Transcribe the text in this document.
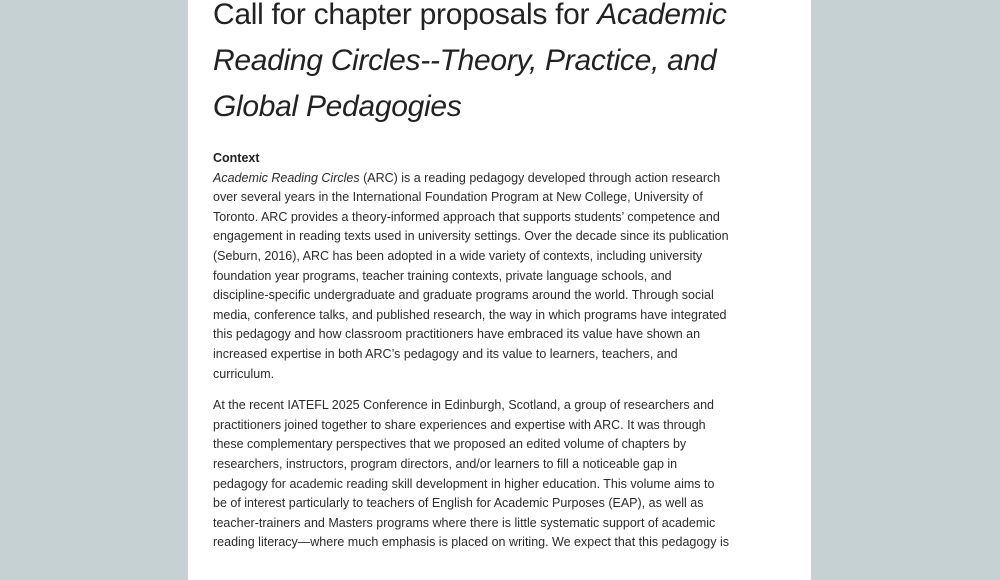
Call for chapter proposals for Academic
Reading Circles--Theory, Practice, and
Global Pedagogies
Context

Academic Reading Circles (ARC) is a reading pedagogy developed through action research
over several years in the International Foundation Program at New College, University of
Toronto. ARC provides a theory-informed approach that supports students’ competence and
engagement in reading texts used in university settings. Over the decade since its publication
(Seburn, 2016), ARC has been adopted in a wide variety of contexts, including university
foundation year programs, teacher training contexts, private language schools, and
discipline-specific undergraduate and graduate programs around the world. Through social
media, conference talks, and published research, the way in which programs have integrated
this pedagogy and how classroom practitioners have embraced its value have shown an
increased expertise in both ARC’s pedagogy and its value to learners, teachers, and
curriculum.

At the recent IATEFL 2025 Conference in Edinburgh, Scotland, a group of researchers and
practitioners joined together to share experiences and expertise with ARC. It was through
these complementary perspectives that we proposed an edited volume of chapters by
researchers, instructors, program directors, and/or learners to fill a noticeable gap in
pedagogy for academic reading skill development in higher education. This volume aims to
be of interest particularly to teachers of English for Academic Purposes (EAP), as well as
teacher-trainers and Masters programs where there is little systematic support of academic
reading literacy—where much emphasis is placed on writing. We expect that this pedagogy is
